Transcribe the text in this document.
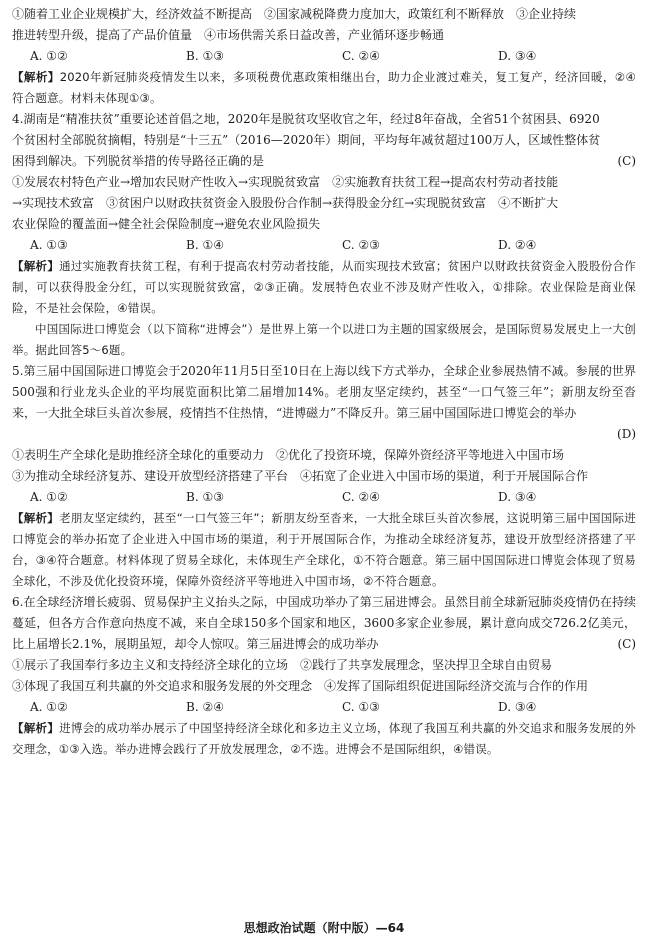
①随着工业企业规模扩大，经济效益不断提高　②国家减税降费力度加大，政策红利不断释放　③企业持续

推进转型升级，提高了产品价值量　④市场供需关系日益改善，产业循环逐步畅通

A. ①②	B. ①③	C. ②④	D. ③④

【解析】2020年新冠肺炎疫情发生以来，多项税费优惠政策相继出台，助力企业渡过难关，复工复产，经济回暖，②④符合题意。材料未体现①③。

4.湖南是“精准扶贫”重要论述首倡之地，2020年是脱贫攻坚收官之年，经过8年奋战，全省51个贫困县、6920

个贫困村全部脱贫摘帽，特别是“十三五”（2016—2020年）期间，平均每年减贫超过100万人，区域性整体贫

困得到解决。下列脱贫举措的传导路径正确的是	(C)

①发展农村特色产业→增加农民财产性收入→实现脱贫致富　②实施教育扶贫工程→提高农村劳动者技能

→实现技术致富　③贫困户以财政扶贫资金入股股份合作制→获得股金分红→实现脱贫致富　④不断扩大

农业保险的覆盖面→健全社会保险制度→避免农业风险损失

A. ①③	B. ①④	C. ②③	D. ②④

【解析】通过实施教育扶贫工程，有利于提高农村劳动者技能，从而实现技术致富；贫困户以财政扶贫资金入股股份合作制，可以获得股金分红，可以实现脱贫致富，②③正确。发展特色农业不涉及财产性收入，①排除。农业保险是商业保险，不是社会保险，④错误。

中国国际进口博览会（以下简称“进博会”）是世界上第一个以进口为主题的国家级展会，是国际贸易发展史上一大创举。据此回答5～6题。

5.第三届中国国际进口博览会于2020年11月5日至10日在上海以线下方式举办，全球企业参展热情不减。参展的世界500强和行业龙头企业的平均展览面积比第二届增加14%。老朋友坚定续约，甚至“一口气签三年”；新朋友纷至沓来，一大批全球巨头首次参展，疫情挡不住热情，“进博磁力”不降反升。第三届中国国际进口博览会的举办

(D)

①表明生产全球化是助推经济全球化的重要动力　②优化了投资环境，保障外资经济平等地进入中国市场

③为推动全球经济复苏、建设开放型经济搭建了平台　④拓宽了企业进入中国市场的渠道，利于开展国际合作

A. ①②	B. ①③	C. ②④	D. ③④

【解析】老朋友坚定续约，甚至“一口气签三年”；新朋友纷至沓来，一大批全球巨头首次参展，这说明第三届中国国际进口博览会的举办拓宽了企业进入中国市场的渠道，利于开展国际合作，为推动全球经济复苏，建设开放型经济搭建了平台，③④符合题意。材料体现了贸易全球化，未体现生产全球化，①不符合题意。第三届中国国际进口博览会体现了贸易全球化，不涉及优化投资环境，保障外资经济平等地进入中国市场，②不符合题意。

6.在全球经济增长疲弱、贸易保护主义抬头之际，中国成功举办了第三届进博会。虽然目前全球新冠肺炎疫情仍在持续蔓延，但各方合作意向热度不减，来自全球150多个国家和地区，3600多家企业参展，累计意向成交726.2亿美元，比上届增长2.1%，展期虽短，却令人惊叹。第三届进博会的成功举办	(C)

①展示了我国奉行多边主义和支持经济全球化的立场　②践行了共享发展理念，坚决捍卫全球自由贸易

③体现了我国互利共赢的外交追求和服务发展的外交理念　④发挥了国际组织促进国际经济交流与合作的作用

A. ①②	B. ②④	C. ①③	D. ③④

【解析】进博会的成功举办展示了中国坚持经济全球化和多边主义立场，体现了我国互利共赢的外交追求和服务发展的外交理念，①③入选。举办进博会践行了开放发展理念，②不选。进博会不是国际组织，④错误。

思想政治试题（附中版）—64
